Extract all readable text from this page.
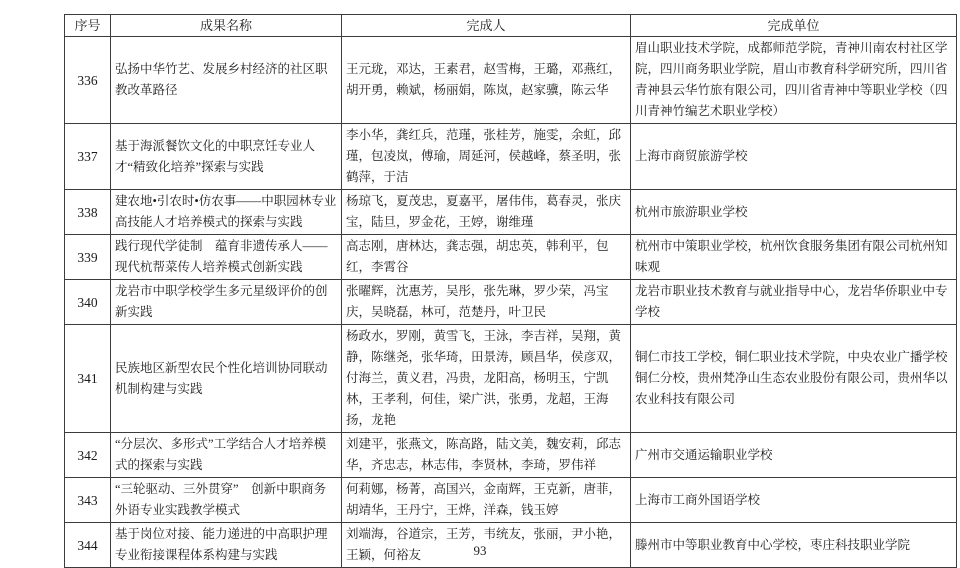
序号	成果名称	完成人	完成单位
336	弘扬中华竹艺、发展乡村经济的社区职教改革路径	王元珑，邓达，王素君，赵雪梅，王璐，邓燕红，胡开勇，赖斌，杨丽娟，陈岚，赵家骥，陈云华	眉山职业技术学院，成都师范学院，青神川南农村社区学院，四川商务职业学院，眉山市教育科学研究所，四川省青神县云华竹旅有限公司，四川省青神中等职业学校（四川青神竹编艺术职业学校）
337	基于海派餐饮文化的中职烹饪专业人才“精致化培养”探索与实践	李小华，龚红兵，范瑾，张桂芳，施雯，余虹，邱瑾，包凌岚，傅瑜，周延河，侯越峰，蔡圣明，张鹤萍，于洁	上海市商贸旅游学校
338	建农地•引农时•仿农事——中职园林专业高技能人才培养模式的探索与实践	杨琼飞，夏茂忠，夏嘉平，屠伟伟，葛春灵，张庆宝，陆旦，罗金花，王婷，谢维瑾	杭州市旅游职业学校
339	践行现代学徒制　蕴育非遗传承人——现代杭帮菜传人培养模式创新实践	高志刚，唐林达，龚志强，胡忠英，韩利平，包红，李霄谷	杭州市中策职业学校，杭州饮食服务集团有限公司杭州知味观
340	龙岩市中职学校学生多元星级评价的创新实践	张曜辉，沈惠芳，吴彤，张先琳，罗少荣，冯宝庆，吴晓磊，林可，范楚丹，叶卫民	龙岩市职业技术教育与就业指导中心，龙岩华侨职业中专学校
341	民族地区新型农民个性化培训协同联动机制构建与实践	杨政水，罗刚，黄雪飞，王泳，李吉祥，吴翔，黄静，陈继尧，张华琦，田景涛，顾昌华，侯彦双，付海兰，黄义君，冯贵，龙阳高，杨明玉，宁凯林，王孝利，何佳，梁广洪，张勇，龙超，王海扬，龙艳	铜仁市技工学校，铜仁职业技术学院，中央农业广播学校铜仁分校，贵州梵净山生态农业股份有限公司，贵州华以农业科技有限公司
342	“分层次、多形式”工学结合人才培养模式的探索与实践	刘建平，张燕文，陈高路，陆文美，魏安莉，邱志华，齐忠志，林志伟，李贤林，李琦，罗伟祥	广州市交通运输职业学校
343	“三轮驱动、三外贯穿”　创新中职商务外语专业实践教学模式	何莉娜，杨菁，高国兴，金南辉，王克新，唐菲，胡靖华，王丹宁，王烨，洋森，钱玉婷	上海市工商外国语学校
344	基于岗位对接、能力递进的中高职护理专业衔接课程体系构建与实践	刘端海，谷道宗，王芳，韦统友，张丽，尹小艳，王颖，何裕友	滕州市中等职业教育中心学校，枣庄科技职业学院
93
